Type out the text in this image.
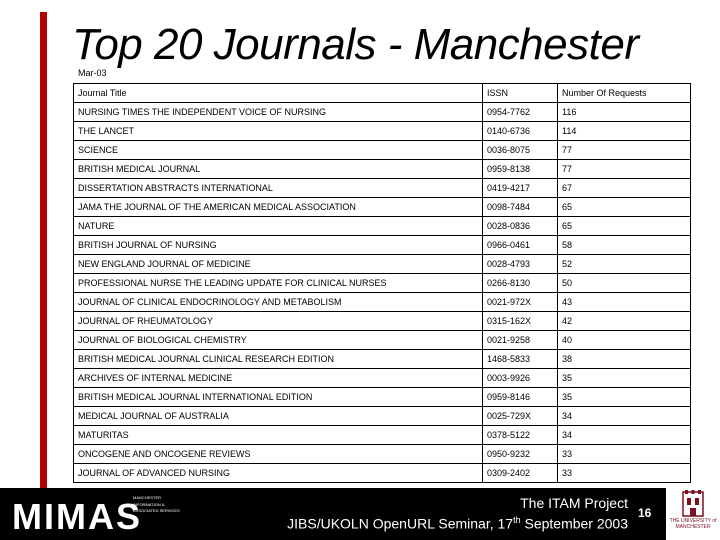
Top 20 Journals - Manchester
Mar-03
Journal Title	ISSN	Number Of Requests
NURSING TIMES THE INDEPENDENT VOICE OF NURSING	0954-7762	116
THE LANCET	0140-6736	114
SCIENCE	0036-8075	77
BRITISH MEDICAL JOURNAL	0959-8138	77
DISSERTATION ABSTRACTS INTERNATIONAL	0419-4217	67
JAMA THE JOURNAL OF THE AMERICAN MEDICAL ASSOCIATION	0098-7484	65
NATURE	0028-0836	65
BRITISH JOURNAL OF NURSING	0966-0461	58
NEW ENGLAND JOURNAL OF MEDICINE	0028-4793	52
PROFESSIONAL NURSE THE LEADING UPDATE FOR CLINICAL NURSES	0266-8130	50
JOURNAL OF CLINICAL ENDOCRINOLOGY AND METABOLISM	0021-972X	43
JOURNAL OF RHEUMATOLOGY	0315-162X	42
JOURNAL OF BIOLOGICAL CHEMISTRY	0021-9258	40
BRITISH MEDICAL JOURNAL CLINICAL RESEARCH EDITION	1468-5833	38
ARCHIVES OF INTERNAL MEDICINE	0003-9926	35
BRITISH MEDICAL JOURNAL INTERNATIONAL EDITION	0959-8146	35
MEDICAL JOURNAL OF AUSTRALIA	0025-729X	34
MATURITAS	0378-5122	34
ONCOGENE AND ONCOGENE REVIEWS	0950-9232	33
JOURNAL OF ADVANCED NURSING	0309-2402	33
MIMAS
MANCHESTER INFORMATION & ASSOCIATED SERVICES	The ITAM Project
JIBS/UKOLN OpenURL Seminar, 17th September 2003
16
THE UNIVERSITY of MANCHESTER
